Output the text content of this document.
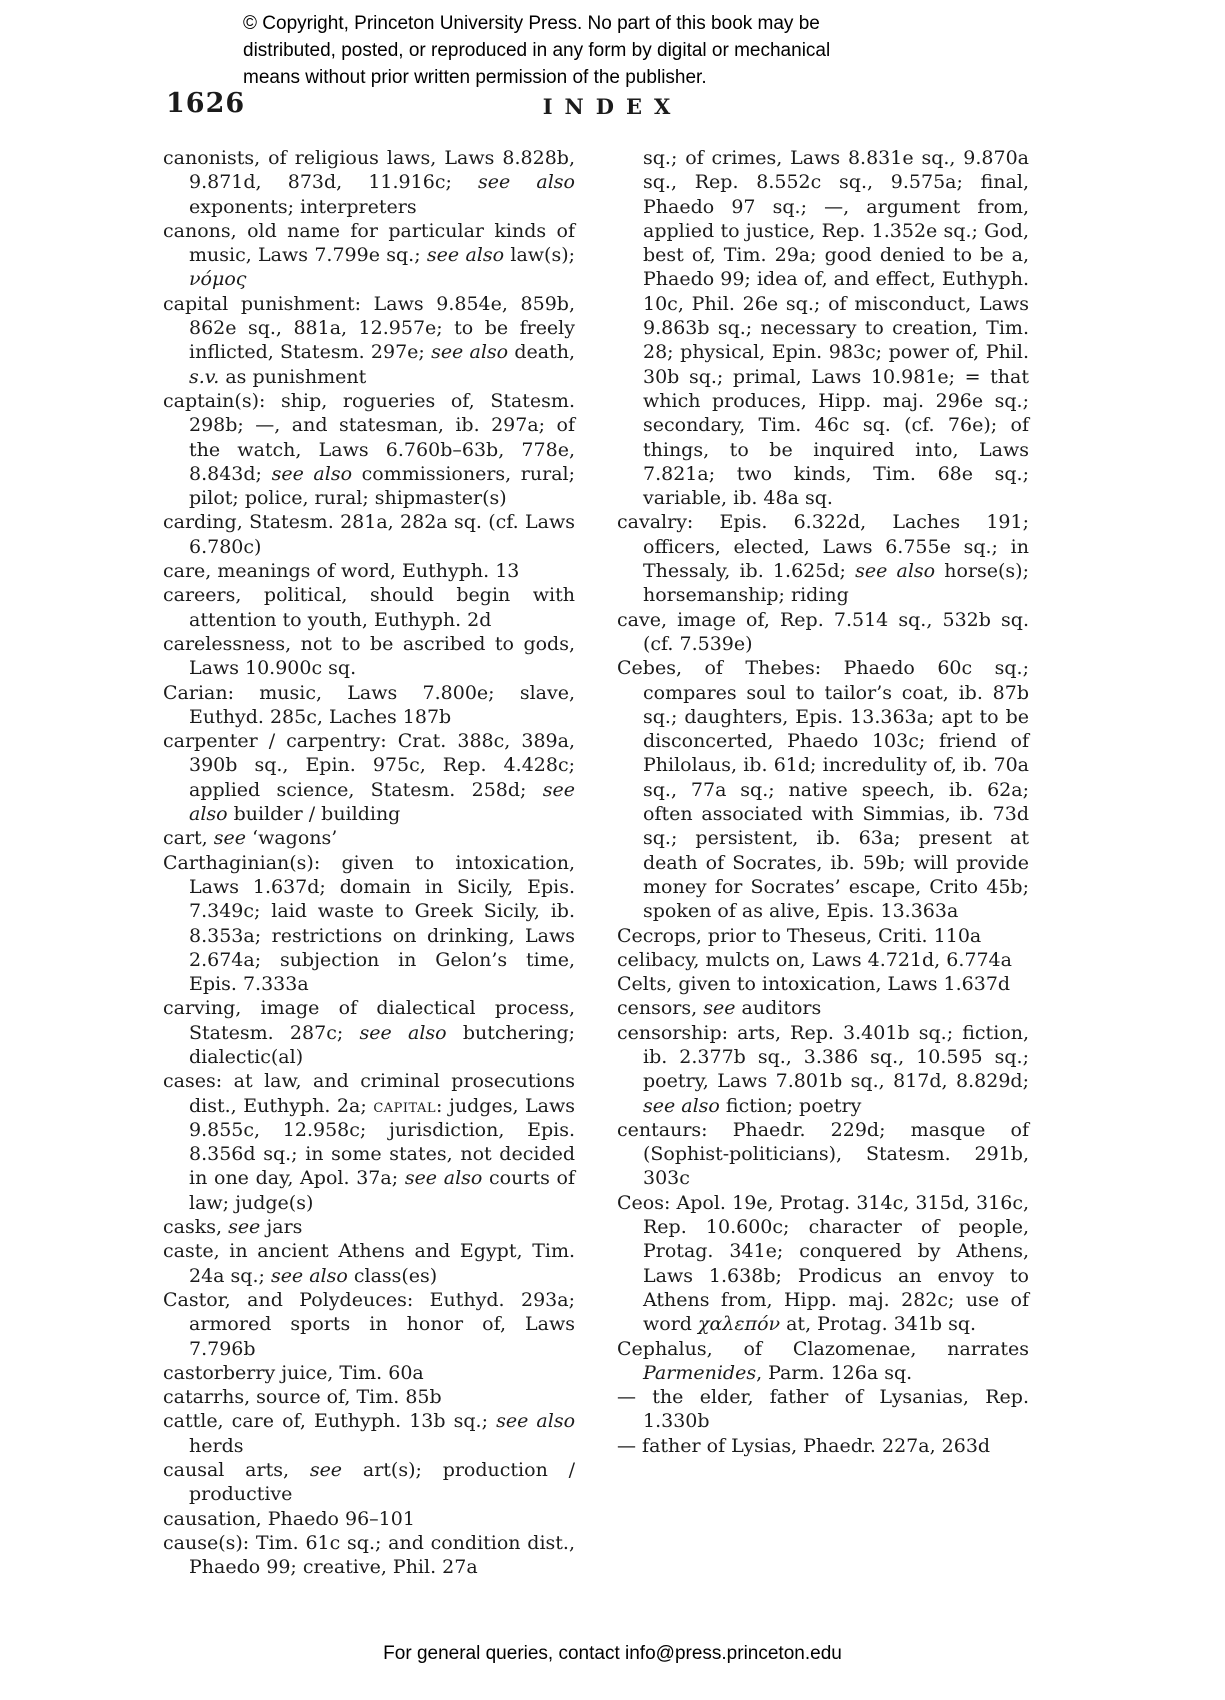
© Copyright, Princeton University Press. No part of this book may be
distributed, posted, or reproduced in any form by digital or mechanical
means without prior written permission of the publisher.
1626	INDEX
canonists, of religious laws, Laws 8.828b, 9.871d, 873d, 11.916c; see also exponents; interpreters
canons, old name for particular kinds of music, Laws 7.799e sq.; see also law(s); νόμος
capital punishment: Laws 9.854e, 859b, 862e sq., 881a, 12.957e; to be freely inflicted, Statesm. 297e; see also death, s.v. as punishment
captain(s): ship, rogueries of, Statesm. 298b; —, and statesman, ib. 297a; of the watch, Laws 6.760b–63b, 778e, 8.843d; see also commissioners, rural; pilot; police, rural; shipmaster(s)
carding, Statesm. 281a, 282a sq. (cf. Laws 6.780c)
care, meanings of word, Euthyph. 13
careers, political, should begin with attention to youth, Euthyph. 2d
carelessness, not to be ascribed to gods, Laws 10.900c sq.
Carian: music, Laws 7.800e; slave, Euthyd. 285c, Laches 187b
carpenter / carpentry: Crat. 388c, 389a, 390b sq., Epin. 975c, Rep. 4.428c; applied science, Statesm. 258d; see also builder / building
cart, see ‘wagons’
Carthaginian(s): given to intoxication, Laws 1.637d; domain in Sicily, Epis. 7.349c; laid waste to Greek Sicily, ib. 8.353a; restrictions on drinking, Laws 2.674a; subjection in Gelon’s time, Epis. 7.333a
carving, image of dialectical process, Statesm. 287c; see also butchering; dialectic(al)
cases: at law, and criminal prosecutions dist., Euthyph. 2a; capital: judges, Laws 9.855c, 12.958c; jurisdiction, Epis. 8.356d sq.; in some states, not decided in one day, Apol. 37a; see also courts of law; judge(s)
casks, see jars
caste, in ancient Athens and Egypt, Tim. 24a sq.; see also class(es)
Castor, and Polydeuces: Euthyd. 293a; armored sports in honor of, Laws 7.796b
castorberry juice, Tim. 60a
catarrhs, source of, Tim. 85b
cattle, care of, Euthyph. 13b sq.; see also herds
causal arts, see art(s); production / productive
causation, Phaedo 96–101
cause(s): Tim. 61c sq.; and condition dist., Phaedo 99; creative, Phil. 27a
sq.; of crimes, Laws 8.831e sq., 9.870a sq., Rep. 8.552c sq., 9.575a; final, Phaedo 97 sq.; —, argument from, applied to justice, Rep. 1.352e sq.; God, best of, Tim. 29a; good denied to be a, Phaedo 99; idea of, and effect, Euthyph. 10c, Phil. 26e sq.; of misconduct, Laws 9.863b sq.; necessary to creation, Tim. 28; physical, Epin. 983c; power of, Phil. 30b sq.; primal, Laws 10.981e; = that which produces, Hipp. maj. 296e sq.; secondary, Tim. 46c sq. (cf. 76e); of things, to be inquired into, Laws 7.821a; two kinds, Tim. 68e sq.; variable, ib. 48a sq.
cavalry: Epis. 6.322d, Laches 191; officers, elected, Laws 6.755e sq.; in Thessaly, ib. 1.625d; see also horse(s); horsemanship; riding
cave, image of, Rep. 7.514 sq., 532b sq. (cf. 7.539e)
Cebes, of Thebes: Phaedo 60c sq.; compares soul to tailor’s coat, ib. 87b sq.; daughters, Epis. 13.363a; apt to be disconcerted, Phaedo 103c; friend of Philolaus, ib. 61d; incredulity of, ib. 70a sq., 77a sq.; native speech, ib. 62a; often associated with Simmias, ib. 73d sq.; persistent, ib. 63a; present at death of Socrates, ib. 59b; will provide money for Socrates’ escape, Crito 45b; spoken of as alive, Epis. 13.363a
Cecrops, prior to Theseus, Criti. 110a
celibacy, mulcts on, Laws 4.721d, 6.774a
Celts, given to intoxication, Laws 1.637d
censors, see auditors
censorship: arts, Rep. 3.401b sq.; fiction, ib. 2.377b sq., 3.386 sq., 10.595 sq.; poetry, Laws 7.801b sq., 817d, 8.829d; see also fiction; poetry
centaurs: Phaedr. 229d; masque of (Sophist-politicians), Statesm. 291b, 303c
Ceos: Apol. 19e, Protag. 314c, 315d, 316c, Rep. 10.600c; character of people, Protag. 341e; conquered by Athens, Laws 1.638b; Prodicus an envoy to Athens from, Hipp. maj. 282c; use of word χαλεπόν at, Protag. 341b sq.
Cephalus, of Clazomenae, narrates Parmenides, Parm. 126a sq.
— the elder, father of Lysanias, Rep. 1.330b
— father of Lysias, Phaedr. 227a, 263d
For general queries, contact info@press.princeton.edu
